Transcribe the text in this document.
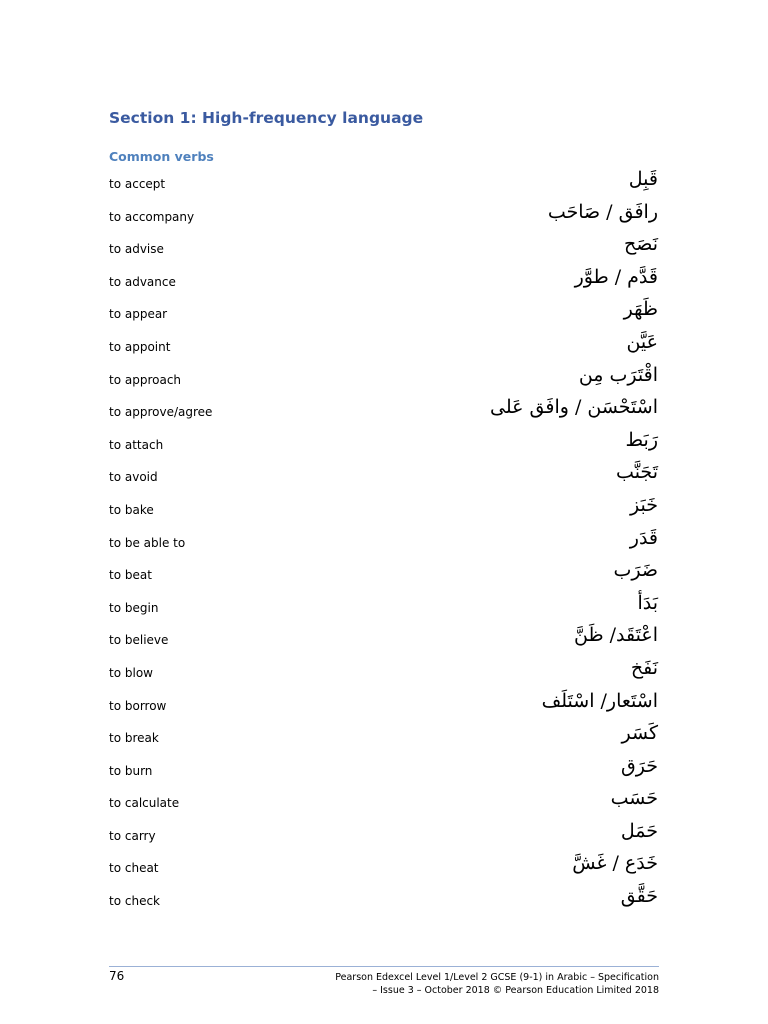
Section 1: High-frequency language
Common verbs
to accept	قَبِل
to accompany	رافَق / صَاحَب
to advise	نَصَح
to advance	قَدَّم / طوَّر
to appear	ظَهَر
to appoint	عَيَّن
to approach	اقْتَرَب مِن
to approve/agree	اسْتَحْسَن / وافَق عَلى
to attach	رَبَط
to avoid	تَجَنَّب
to bake	خَبَز
to be able to	قَدَر
to beat	ضَرَب
to begin	بَدَأ
to believe	اعْتَقَد/ ظَنَّ
to blow	نَفَخ
to borrow	اسْتَعار/ اسْتَلَف
to break	كَسَر
to burn	حَرَق
to calculate	حَسَب
to carry	حَمَل
to cheat	خَدَع / غَشَّ
to check	حَقَّق
76	Pearson Edexcel Level 1/Level 2 GCSE (9-1) in Arabic – Specification
– Issue 3 – October 2018 © Pearson Education Limited 2018
